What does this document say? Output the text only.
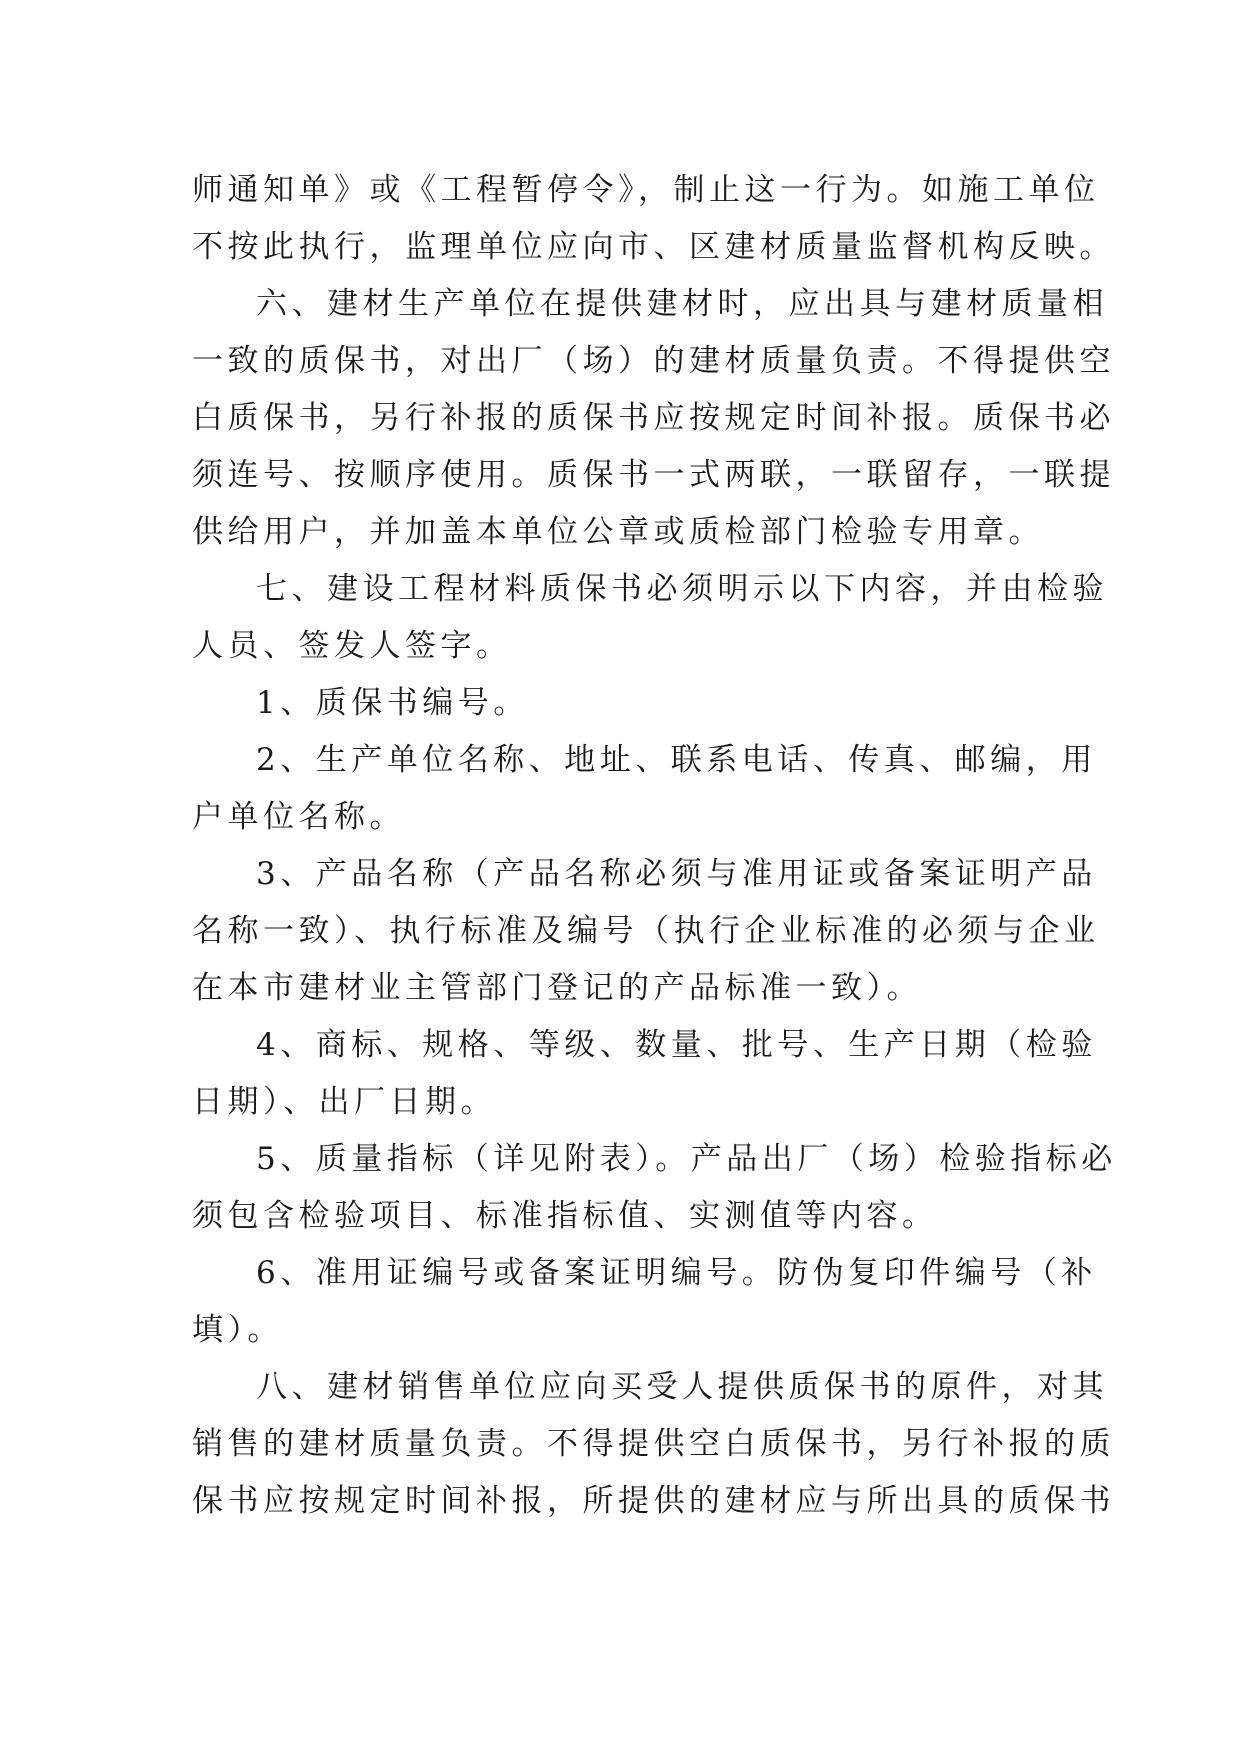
师通知单》或《工程暂停令》，制止这一行为。如施工单位
不按此执行，监理单位应向市、区建材质量监督机构反映。
六、建材生产单位在提供建材时，应出具与建材质量相
一致的质保书，对出厂（场）的建材质量负责。不得提供空
白质保书，另行补报的质保书应按规定时间补报。质保书必
须连号、按顺序使用。质保书一式两联，一联留存，一联提
供给用户，并加盖本单位公章或质检部门检验专用章。
七、建设工程材料质保书必须明示以下内容，并由检验
人员、签发人签字。
1、质保书编号。
2、生产单位名称、地址、联系电话、传真、邮编，用
户单位名称。
3、产品名称（产品名称必须与准用证或备案证明产品
名称一致）、执行标准及编号（执行企业标准的必须与企业
在本市建材业主管部门登记的产品标准一致）。
4、商标、规格、等级、数量、批号、生产日期（检验
日期）、出厂日期。
5、质量指标（详见附表）。产品出厂（场）检验指标必
须包含检验项目、标准指标值、实测值等内容。
6、准用证编号或备案证明编号。防伪复印件编号（补
填）。
八、建材销售单位应向买受人提供质保书的原件，对其
销售的建材质量负责。不得提供空白质保书，另行补报的质
保书应按规定时间补报，所提供的建材应与所出具的质保书
